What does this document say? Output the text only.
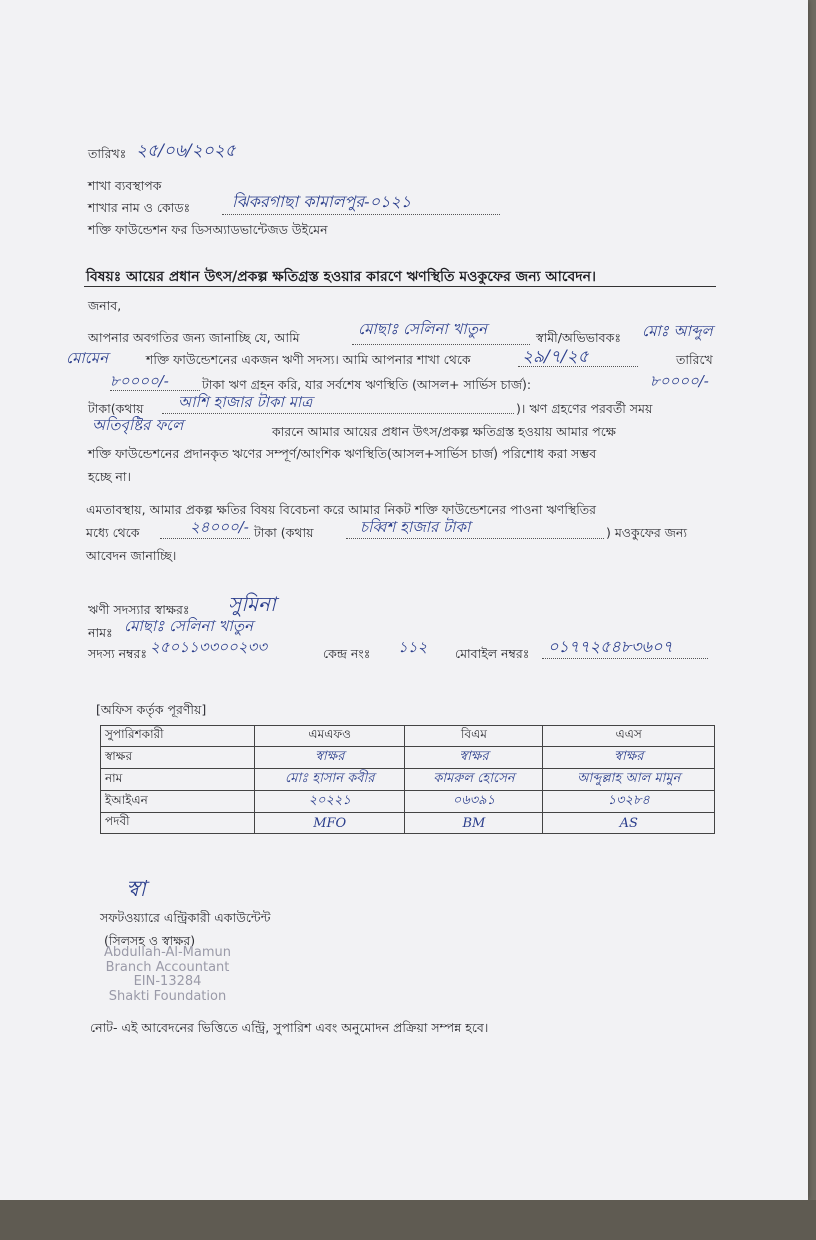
তারিখঃ ২৫/০৬/২০২৫
শাখা ব্যবস্থাপক
শাখার নাম ও কোডঃ	ঝিকরগাছা কামালপুর-০১২১
শক্তি ফাউন্ডেশন ফর ডিসঅ্যাডভান্টেজড উইমেন
বিষয়ঃ আয়ের প্রধান উৎস/প্রকল্প ক্ষতিগ্রস্ত হওয়ার কারণে ঋণস্থিতি মওকুফের জন্য আবেদন।
জনাব,
আপনার অবগতির জন্য জানাচ্ছি যে, আমি	মোছাঃ সেলিনা খাতুন	স্বামী/অভিভাবকঃ মোঃ আব্দুল
মোমেন	শক্তি ফাউন্ডেশনের একজন ঋণী সদস্য। আমি আপনার শাখা থেকে	২৯/৭/২৫	তারিখে
৮০০০০/-	টাকা ঋণ গ্রহন করি, যার সর্বশেষ ঋণস্থিতি (আসল+ সার্ভিস চার্জ):	৮০০০০/-
টাকা(কথায় আশি হাজার টাকা মাত্র	)। ঋণ গ্রহণের পরবর্তী সময়
অতিবৃষ্টির ফলে	কারনে আমার আয়ের প্রধান উৎস/প্রকল্প ক্ষতিগ্রস্ত হওয়ায় আমার পক্ষে
শক্তি ফাউন্ডেশনের প্রদানকৃত ঋণের সম্পূর্ণ/আংশিক ঋণস্থিতি(আসল+সার্ভিস চার্জ) পরিশোধ করা সম্ভব
হচ্ছে না।
এমতাবস্থায়, আমার প্রকল্প ক্ষতির বিষয় বিবেচনা করে আমার নিকট শক্তি ফাউন্ডেশনের পাওনা ঋণস্থিতির
মধ্যে থেকে	২৪০০০/- টাকা (কথায়	চব্বিশ হাজার টাকা	) মওকুফের জন্য
আবেদন জানাচ্ছি।
ঋণী সদস্যার স্বাক্ষরঃ সুমিনা
নামঃ মোছাঃ সেলিনা খাতুন
সদস্য নম্বরঃ ২৫০১১৩৩০০২৩৩	কেন্দ্র নংঃ ১১২ মোবাইল নম্বরঃ ০১৭৭২৫৪৮৩৬০৭
[অফিস কর্তৃক পূরণীয়]
সুপারিশকারী	এমএফও	বিএম	এএস
স্বাক্ষর	স্বাক্ষর	স্বাক্ষর	স্বাক্ষর
নাম	মোঃ হাসান কবীর	কামরুল হোসেন	আব্দুল্লাহ আল মামুন
ইআইএন	২০২২১	০৬৩৯১	১৩২৮৪
পদবী	MFO	BM	AS
স্বা
সফটওয়্যারে এন্ট্রিকারী একাউন্টেন্ট
(সিলসহ ও স্বাক্ষর)
Abdullah-Al-Mamun
Branch Accountant
EIN-13284
Shakti Foundation
নোট- এই আবেদনের ভিত্তিতে এন্ট্রি, সুপারিশ এবং অনুমোদন প্রক্রিয়া সম্পন্ন হবে।
